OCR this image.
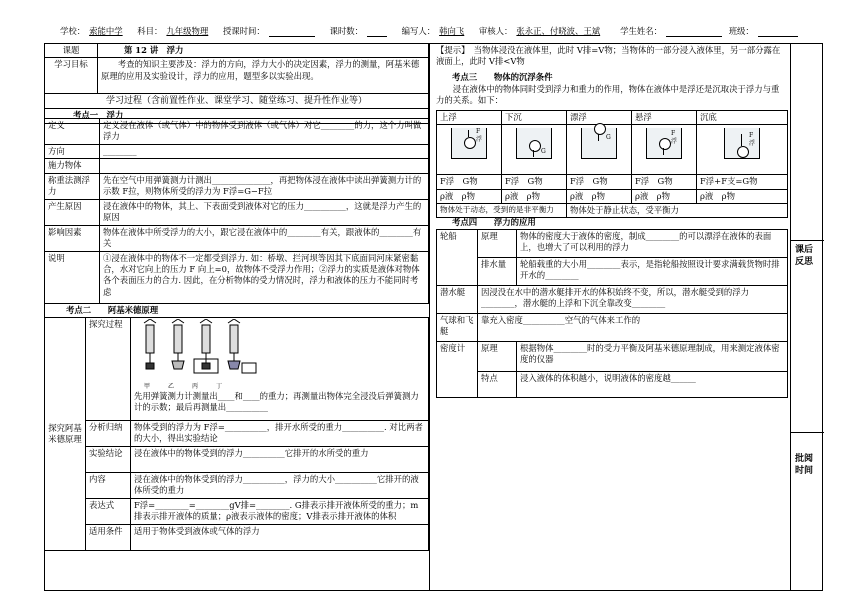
学校： 索能中学 科目： 九年级物理 授课时间：	课时数：	编写人： 韩向飞 审核人： 张永正、付晓波、王斌 学生姓名：	班级：
课后反思
批阅时间
课题	第 12 讲　浮力
学习目标	考查的知识主要涉及：浮力的方向，浮力大小的决定因素，浮力的测量，阿基米德原理的应用及实验设计，浮力的应用，题型多以实验出现。
学习过程（含前置性作业、课堂学习、随堂练习、提升性作业等）	
考点一　浮力	
定义	定义浸在液体（或气体）中的物体受到液体（或气体）对它________的力，这个力叫做浮力
方向	________
施力物体	
称重法测浮力	先在空气中用弹簧测力计测出______________，再把物体浸在液体中读出弹簧测力计的示数 F拉，则物体所受的浮力为 F浮=G−F拉
产生原因	浸在液体中的物体，其上、下表面受到液体对它的压力__________，这就是浮力产生的原因
影响因素	物体在液体中所受浮力的大小，跟它浸在液体中的________有关，跟液体的________有关
说明	①浸在液体中的物体不一定都受到浮力. 如：桥墩、拦河坝等因其下底面同河床紧密黏合，水对它向上的压力 F 向上=0，故物体不受浮力作用；②浮力的实质是液体对物体各个表面压力的合力. 因此，在分析物体的受力情况时，浮力和液体的压力不能同时考虑
考点二　　阿基米德原理
探究阿基米德原理	探究过程	甲乙丙丁
先用弹簧测力计测量出____和____的重力；再测量出物体完全浸没后弹簧测力计的示数；最后再测量出__________

	分析归纳	物体受到的浮力为 F浮=__________，排开水所受的重力__________. 对比两者的大小，得出实验结论
	实验结论	浸在液体中的物体受到的浮力__________它排开的水所受的重力
	内容	浸在液体中的物体受到的浮力__________，浮力的大小__________它排开的液体所受的重力
	表达式	F浮=________=________gV排=________. G排表示排开液体所受的重力；m排表示排开液体的质量；ρ液表示液体的密度；V排表示排开液体的体积
	适用条件	适用于物体受到液体或气体的浮力
【提示】　当物体浸没在液体里，此时 V排=V物；当物体的一部分浸入液体里，另一部分露在液面上，此时 V排<V物
考点三　　物体的沉浮条件
浸在液体中的物体同时受到浮力和重力的作用，物体在液体中是浮还是沉取决于浮力与重力的关系。如下：
上浮	下沉	漂浮	悬浮	沉底

F浮	G	G	F浮	F浮

F浮　G物	F浮　G物	F浮　G物	F浮　G物	F浮+F支=G物
ρ液　ρ物	ρ液　ρ物	ρ液　ρ物	ρ液　ρ物	ρ液　ρ物
物体处于动态，受到的是非平衡力		物体处于静止状态，受平衡力		
考点四　　浮力的应用
轮船	原理	物体的密度大于液体的密度，制成________的可以漂浮在液体的表面上，也增大了可以利用的浮力
	排水量	轮船载重的大小用________表示，是指轮船按照设计要求满载货物时排开水的________
潜水艇	因浸没在水中的潜水艇排开水的体积始终不变，所以，潜水艇受到的浮力________，潜水艇的上浮和下沉全靠改变________	
气球和飞艇	靠充入密度__________空气的气体来工作的	
密度计	原理	根据物体________时的受力平衡及阿基米德原理制成，用来测定液体密度的仪器
	特点	浸入液体的体积越小，说明液体的密度越______
